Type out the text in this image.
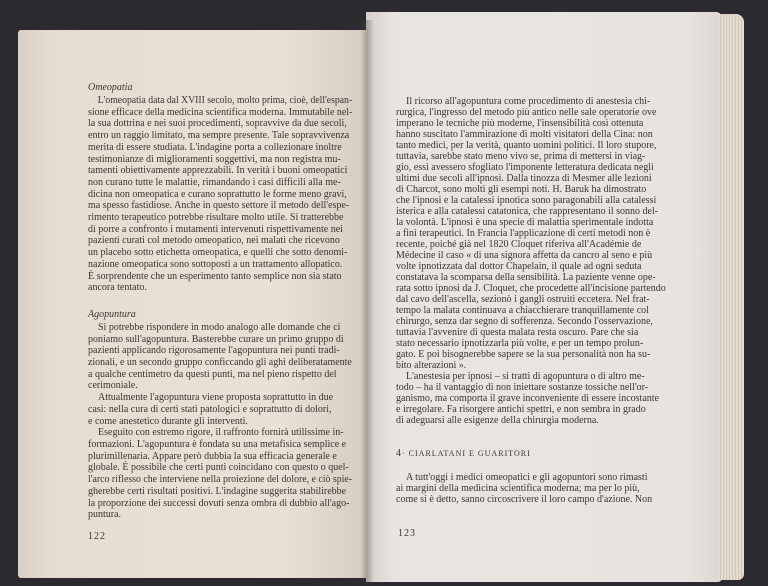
Omeopatia
L'omeopatia data dal XVIII secolo, molto prima, cioè, dell'espan-
sione efficace della medicina scientifica moderna. Immutabile nel-
la sua dottrina e nei suoi procedimenti, sopravvive da due secoli,
entro un raggio limitato, ma sempre presente. Tale sopravvivenza
merita di essere studiata. L'indagine porta a collezionare inoltre
testimonianze di miglioramenti soggettivi, ma non registra mu-
tamenti obiettivamente apprezzabili. In verità i buoni omeopatici
non curano tutte le malattie, rimandando i casi difficili alla me-
dicina non omeopatica e curano soprattutto le forme meno gravi,
ma spesso fastidiose. Anche in questo settore il metodo dell'espe-
rimento terapeutico potrebbe risultare molto utile. Si tratterebbe
di porre a confronto i mutamenti intervenuti rispettivamente nei
pazienti curati col metodo omeopatico, nei malati che ricevono
un placebo sotto etichetta omeopatica, e quelli che sotto denomi-
nazione omeopatica sono sottoposti a un trattamento allopatico.
È sorprendente che un esperimento tanto semplice non sia stato
ancora tentato.
Agopuntura
Si potrebbe rispondere in modo analogo alle domande che ci
poniamo sull'agopuntura. Basterebbe curare un primo gruppo di
pazienti applicando rigorosamente l'agopuntura nei punti tradi-
zionali, e un secondo gruppo conficcando gli aghi deliberatamente
a qualche centimetro da questi punti, ma nel pieno rispetto del
cerimoniale.
Attualmente l'agopuntura viene proposta soprattutto in due
casi: nella cura di certi stati patologici e soprattutto di dolori,
e come anestetico durante gli interventi.
Eseguito con estremo rigore, il raffronto fornirà utilissime in-
formazioni. L'agopuntura è fondata su una metafisica semplice e
plurimillenaria. Appare però dubbia la sua efficacia generale e
globale. È possibile che certi punti coincidano con questo o quel-
l'arco riflesso che interviene nella proiezione del dolore, e ciò spie-
gherebbe certi risultati positivi. L'indagine suggerita stabilirebbe
la proporzione dei successi dovuti senza ombra di dubbio all'ago-
puntura.
Il ricorso all'agopuntura come procedimento di anestesia chi-
rurgica, l'ingresso del metodo più antico nelle sale operatorie ove
imperano le tecniche più moderne, l'insensibilità così ottenuta
hanno suscitato l'ammirazione di molti visitatori della Cina: non
tanto medici, per la verità, quanto uomini politici. Il loro stupore,
tuttavia, sarebbe stato meno vivo se, prima di mettersi in viag-
gio, essi avessero sfogliato l'imponente letteratura dedicata negli
ultimi due secoli all'ipnosi. Dalla tinozza di Mesmer alle lezioni
di Charcot, sono molti gli esempi noti. H. Baruk ha dimostrato
che l'ipnosi e la catalessi ipnotica sono paragonabili alla catalessi
isterica e alla catalessi catatonica, che rappresentano il sonno del-
la volontà. L'ipnosi è una specie di malattia sperimentale indotta
a fini terapeutici. In Francia l'applicazione di certi metodi non è
recente, poiché già nel 1820 Cloquet riferiva all'Académie de
Médecine il caso « di una signora affetta da cancro al seno e più
volte ipnotizzata dal dottor Chapelain, il quale ad ogni seduta
constatava la scomparsa della sensibilità. La paziente venne ope-
rata sotto ipnosi da J. Cloquet, che procedette all'incisione partendo
dal cavo dell'ascella, sezionò i gangli ostruiti eccetera. Nel frat-
tempo la malata continuava a chiacchierare tranquillamente col
chirurgo, senza dar segno di sofferenza. Secondo l'osservazione,
tuttavia l'avvenire di questa malata resta oscuro. Pare che sia
stato necessario ipnotizzarla più volte, e per un tempo prolun-
gato. E poi bisognerebbe sapere se la sua personalità non ha su-
bito alterazioni ».
L'anestesia per ipnosi – si tratti di agopuntura o di altro me-
todo – ha il vantaggio di non iniettare sostanze tossiche nell'or-
ganismo, ma comporta il grave inconveniente di essere incostante
e irregolare. Fa risorgere antichi spettri, e non sembra in grado
di adeguarsi alle esigenze della chirurgia moderna.
4· CIARLATANI E GUARITORI
A tutt'oggi i medici omeopatici e gli agopuntori sono rimasti
ai margini della medicina scientifica moderna; ma per lo più,
come si è detto, sanno circoscrivere il loro campo d'azione. Non
122	123
